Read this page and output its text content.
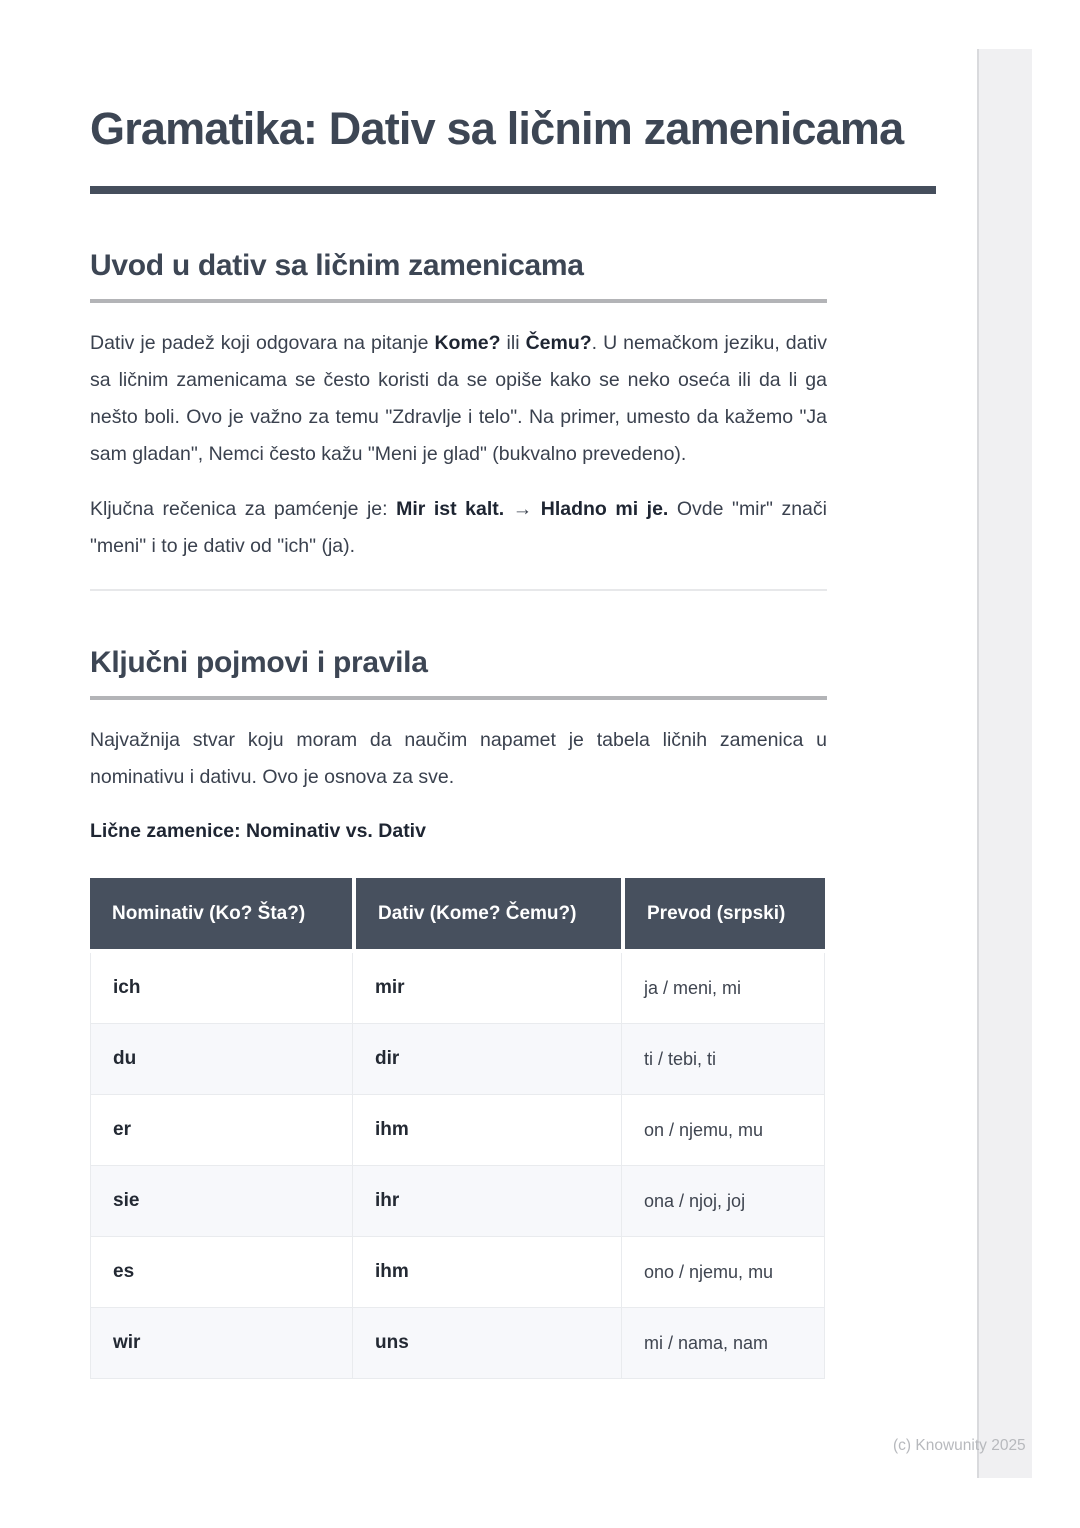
Gramatika: Dativ sa ličnim zamenicama
Uvod u dativ sa ličnim zamenicama

Dativ je padež koji odgovara na pitanje Kome? ili Čemu?. U nemačkom jeziku, dativ sa ličnim zamenicama se često koristi da se opiše kako se neko oseća ili da li ga nešto boli. Ovo je važno za temu "Zdravlje i telo". Na primer, umesto da kažemo "Ja sam gladan", Nemci često kažu "Meni je glad" (bukvalno prevedeno).

Ključna rečenica za pamćenje je: Mir ist kalt. → Hladno mi je. Ovde "mir" znači "meni" i to je dativ od "ich" (ja).

Ključni pojmovi i pravila

Najvažnija stvar koju moram da naučim napamet je tabela ličnih zamenica u nominativu i dativu. Ovo je osnova za sve.

Lične zamenice: Nominativ vs. Dativ

Nominativ (Ko? Šta?)	Dativ (Kome? Čemu?)	Prevod (srpski)
ich	mir	ja / meni, mi
du	dir	ti / tebi, ti
er	ihm	on / njemu, mu
sie	ihr	ona / njoj, joj
es	ihm	ono / njemu, mu
wir	uns	mi / nama, nam
(c) Knowunity 2025
